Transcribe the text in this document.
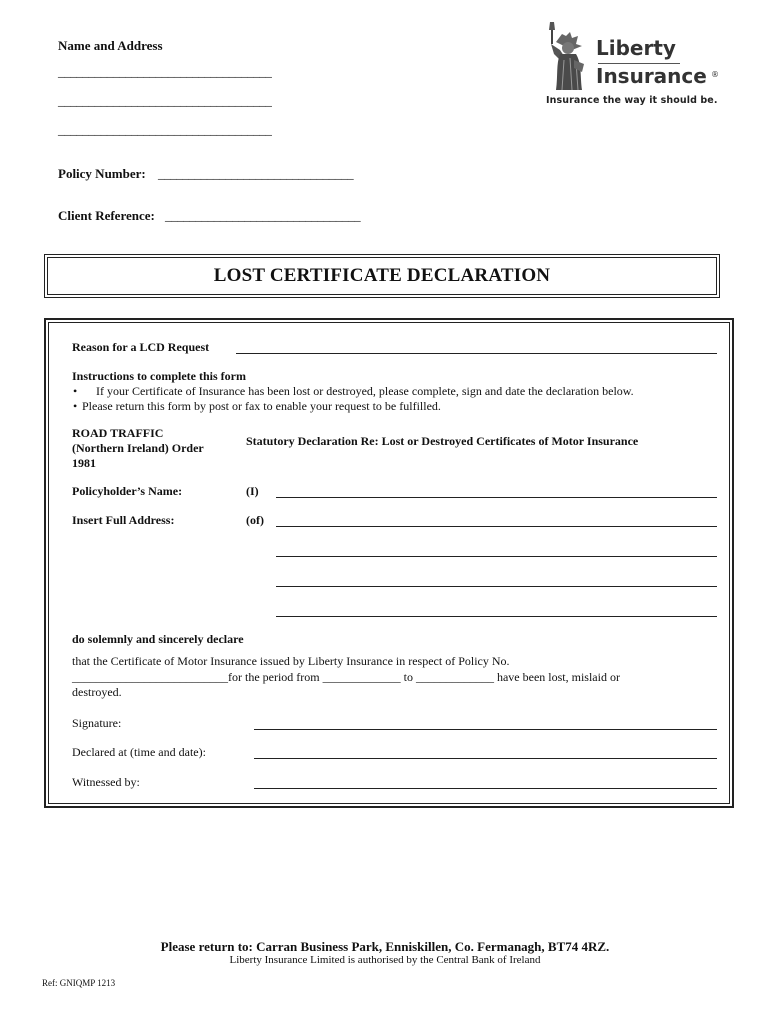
Name and Address
___________________________________
___________________________________
___________________________________
Policy Number: ________________________________
Client Reference: ________________________________
Liberty
Insurance ®
Insurance the way it should be.
LOST CERTIFICATE DECLARATION
Reason for a LCD Request
Instructions to complete this form
• If your Certificate of Insurance has been lost or destroyed, please complete, sign and date the declaration below.
• Please return this form by post or fax to enable your request to be fulfilled.
ROAD TRAFFIC
(Northern Ireland) Order
1981
Statutory Declaration Re: Lost or Destroyed Certificates of Motor Insurance
Policyholder’s Name:	(I)
Insert Full Address:	(of)
do solemnly and sincerely declare
that the Certificate of Motor Insurance issued by Liberty Insurance in respect of Policy No.
__________________________for the period from _____________ to _____________ have been lost, mislaid or
destroyed.
Signature:
Declared at (time and date):
Witnessed by:
Please return to: Carran Business Park, Enniskillen, Co. Fermanagh, BT74 4RZ.
Liberty Insurance Limited is authorised by the Central Bank of Ireland
Ref: GNIQMP 1213
